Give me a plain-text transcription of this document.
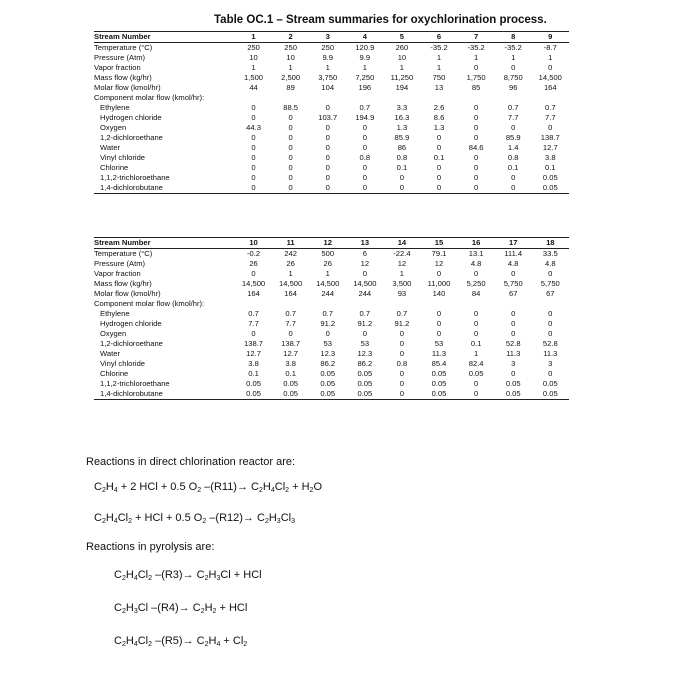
Table OC.1 – Stream summaries for oxychlorination process.
Stream Number	1	2	3	4	5	6	7	8	9
Temperature (°C)	250	250	250	120.9	260	-35.2	-35.2	-35.2	-8.7
Pressure (Atm)	10	10	9.9	9.9	10	1	1	1	1
Vapor fraction	1	1	1	1	1	1	0	0	0
Mass flow (kg/hr)	1,500	2,500	3,750	7,250	11,250	750	1,750	8,750	14,500
Molar flow (kmol/hr)	44	89	104	196	194	13	85	96	164
Component molar flow (kmol/hr):									
Ethylene	0	88.5	0	0.7	3.3	2.6	0	0.7	0.7
Hydrogen chloride	0	0	103.7	194.9	16.3	8.6	0	7.7	7.7
Oxygen	44.3	0	0	0	1.3	1.3	0	0	0
1,2-dichloroethane	0	0	0	0	85.9	0	0	85.9	138.7
Water	0	0	0	0	86	0	84.6	1.4	12.7
Vinyl chloride	0	0	0	0.8	0.8	0.1	0	0.8	3.8
Chlorine	0	0	0	0	0.1	0	0	0.1	0.1
1,1,2-trichloroethane	0	0	0	0	0	0	0	0	0.05
1,4-dichlorobutane	0	0	0	0	0	0	0	0	0.05
Stream Number	10	11	12	13	14	15	16	17	18
Temperature (°C)	-0.2	242	500	6	-22.4	79.1	13.1	111.4	33.5
Pressure (Atm)	26	26	26	12	12	12	4.8	4.8	4.8
Vapor fraction	0	1	1	0	1	0	0	0	0
Mass flow (kg/hr)	14,500	14,500	14,500	14,500	3,500	11,000	5,250	5,750	5,750
Molar flow (kmol/hr)	164	164	244	244	93	140	84	67	67
Component molar flow (kmol/hr):									
Ethylene	0.7	0.7	0.7	0.7	0.7	0	0	0	0
Hydrogen chloride	7.7	7.7	91.2	91.2	91.2	0	0	0	0
Oxygen	0	0	0	0	0	0	0	0	0
1,2-dichloroethane	138.7	138.7	53	53	0	53	0.1	52.8	52.8
Water	12.7	12.7	12.3	12.3	0	11.3	1	11.3	11.3
Vinyl chloride	3.8	3.8	86.2	86.2	0.8	85.4	82.4	3	3
Chlorine	0.1	0.1	0.05	0.05	0	0.05	0.05	0	0
1,1,2-trichloroethane	0.05	0.05	0.05	0.05	0	0.05	0	0.05	0.05
1,4-dichlorobutane	0.05	0.05	0.05	0.05	0	0.05	0	0.05	0.05
Reactions in direct chlorination reactor are:
$C_2H_4 + 2$ HCl + 0.5 $O_2$ $-(R11)\to C_2H_4Cl_2 + H_2O$
$C_2H_4Cl_2$ + HCl + 0.5 $O_2$ $-(R12)\to C_2H_3Cl_3$
Reactions in pyrolysis are:
$C_2H_4Cl_2$ $-(R3)\to C_2H_3Cl$ + HCl
$C_2H_3Cl$ $-(R4)\to C_2H_2$ + HCl
$C_2H_4Cl_2$ $-(R5)\to C_2H_4 + Cl_2$
